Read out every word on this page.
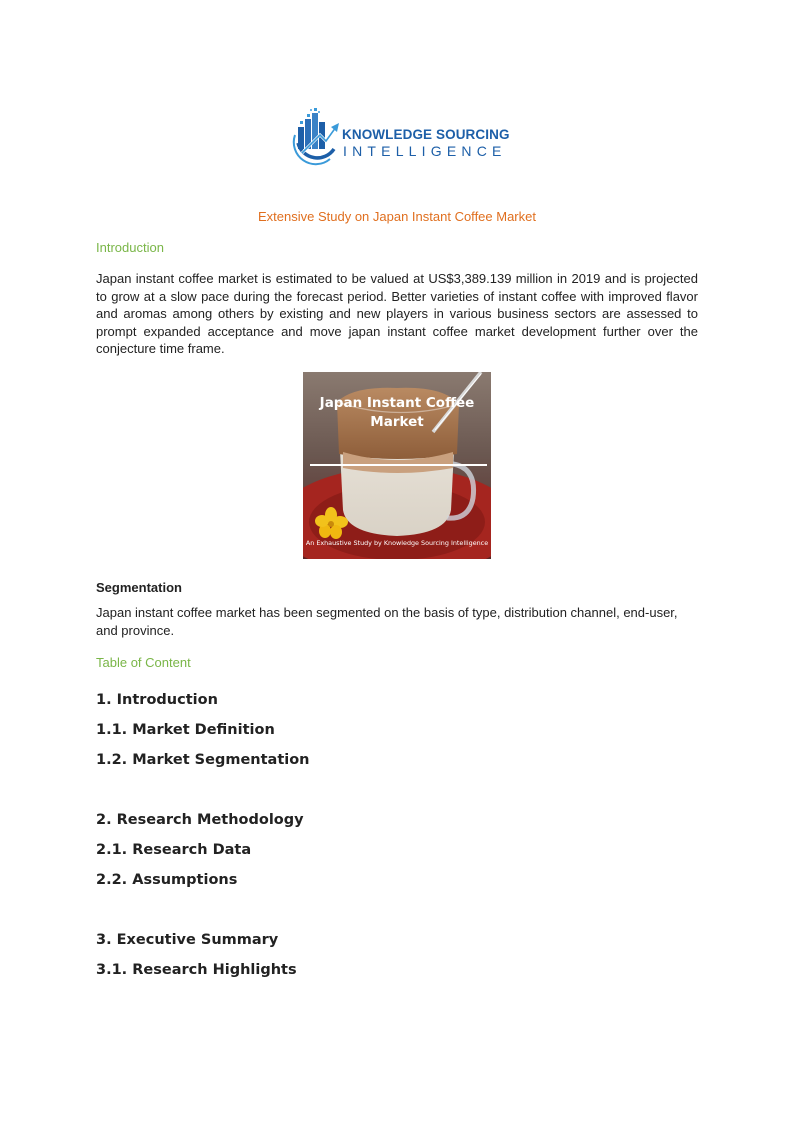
KNOWLEDGE SOURCING
INTELLIGENCE
Extensive Study on Japan Instant Coffee Market
Introduction

Japan instant coffee market is estimated to be valued at US$3,389.139 million in 2019 and is projected to grow at a slow pace during the forecast period. Better varieties of instant coffee with improved flavor and aromas among others by existing and new players in various business sectors are assessed to prompt expanded acceptance and move japan instant coffee market development further over the conjecture time frame.

Japan Instant Coffee Market
An Exhaustive Study by Knowledge Sourcing Intelligence
Segmentation

Japan instant coffee market has been segmented on the basis of type, distribution channel, end-user, and province.

Table of Content
1. Introduction
1.1. Market Definition
1.2. Market Segmentation
2. Research Methodology
2.1. Research Data
2.2. Assumptions
3. Executive Summary
3.1. Research Highlights
